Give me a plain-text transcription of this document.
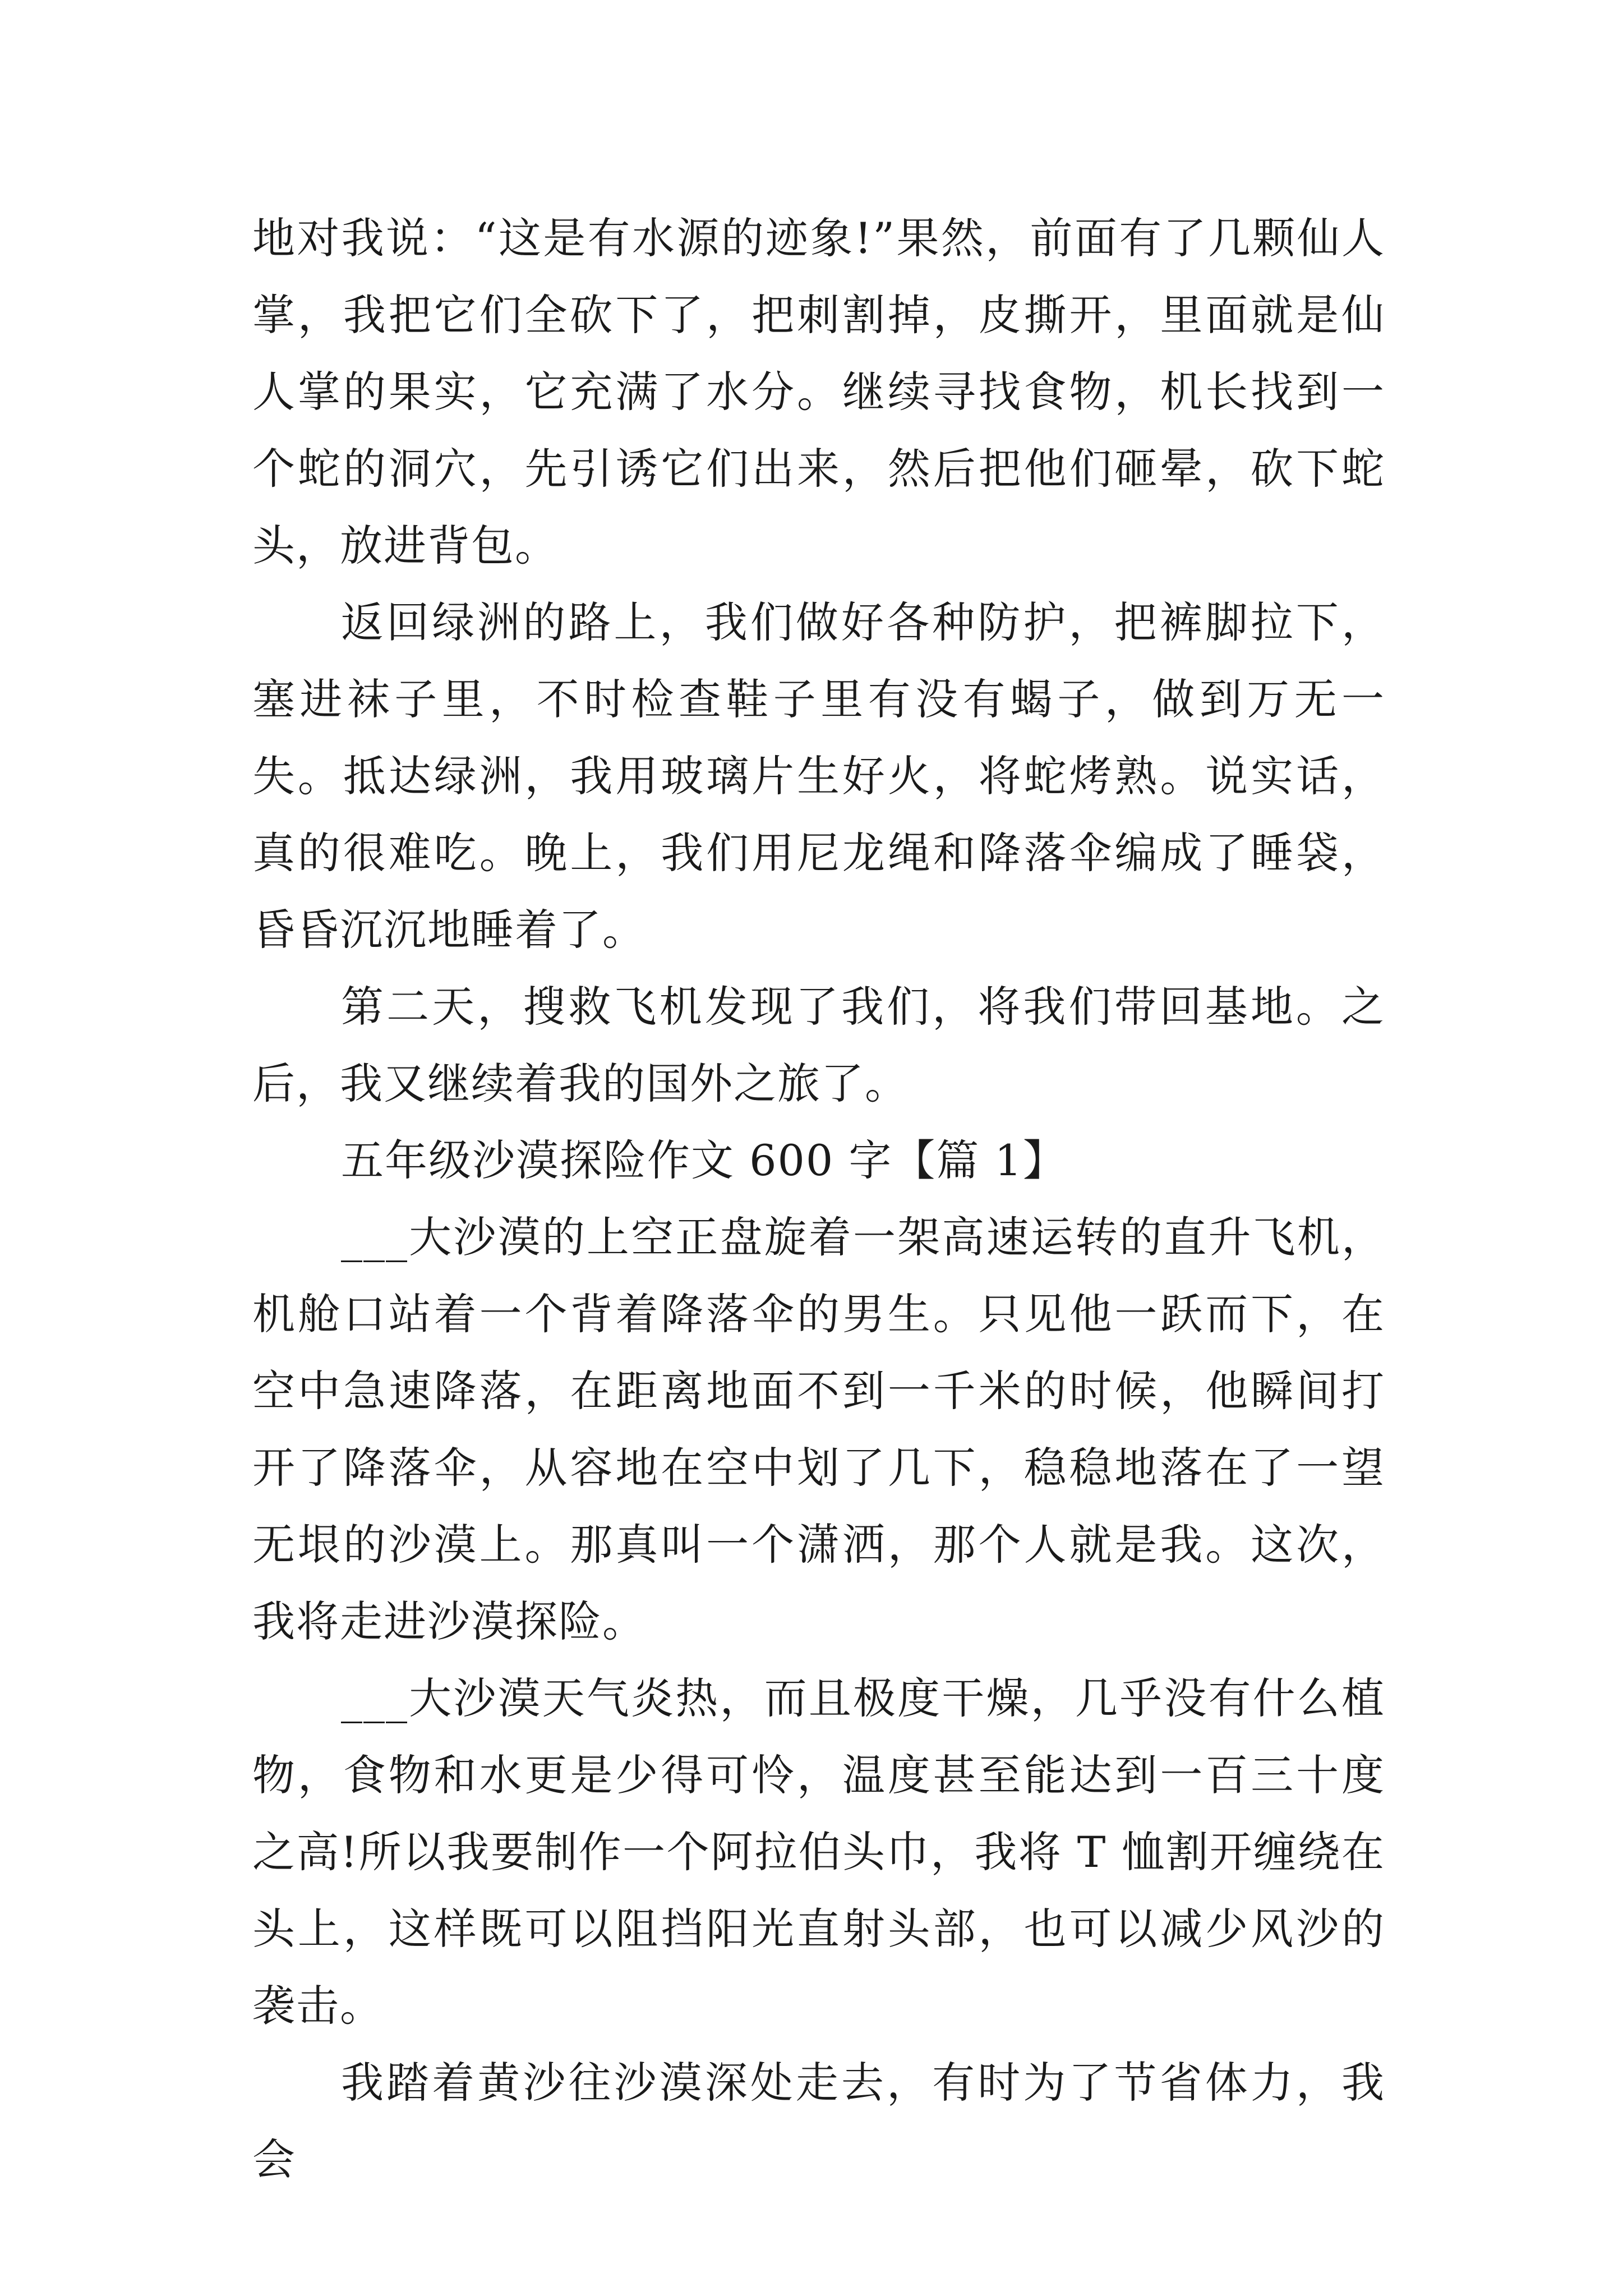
地对我说：“这是有水源的迹象!”果然，前面有了几颗仙人掌，我把它们全砍下了，把刺割掉，皮撕开，里面就是仙人掌的果实，它充满了水分。继续寻找食物，机长找到一个蛇的洞穴，先引诱它们出来，然后把他们砸晕，砍下蛇头，放进背包。

返回绿洲的路上，我们做好各种防护，把裤脚拉下，塞进袜子里，不时检查鞋子里有没有蝎子，做到万无一失。抵达绿洲，我用玻璃片生好火，将蛇烤熟。说实话，真的很难吃。晚上，我们用尼龙绳和降落伞编成了睡袋，昏昏沉沉地睡着了。

第二天，搜救飞机发现了我们，将我们带回基地。之后，我又继续着我的国外之旅了。

五年级沙漠探险作文 600 字【篇 1】

___大沙漠的上空正盘旋着一架高速运转的直升飞机，机舱口站着一个背着降落伞的男生。只见他一跃而下，在空中急速降落，在距离地面不到一千米的时候，他瞬间打开了降落伞，从容地在空中划了几下，稳稳地落在了一望无垠的沙漠上。那真叫一个潇洒，那个人就是我。这次，我将走进沙漠探险。

___大沙漠天气炎热，而且极度干燥，几乎没有什么植物，食物和水更是少得可怜，温度甚至能达到一百三十度之高!所以我要制作一个阿拉伯头巾，我将 T 恤割开缠绕在头上，这样既可以阻挡阳光直射头部，也可以减少风沙的袭击。

我踏着黄沙往沙漠深处走去，有时为了节省体力，我会
